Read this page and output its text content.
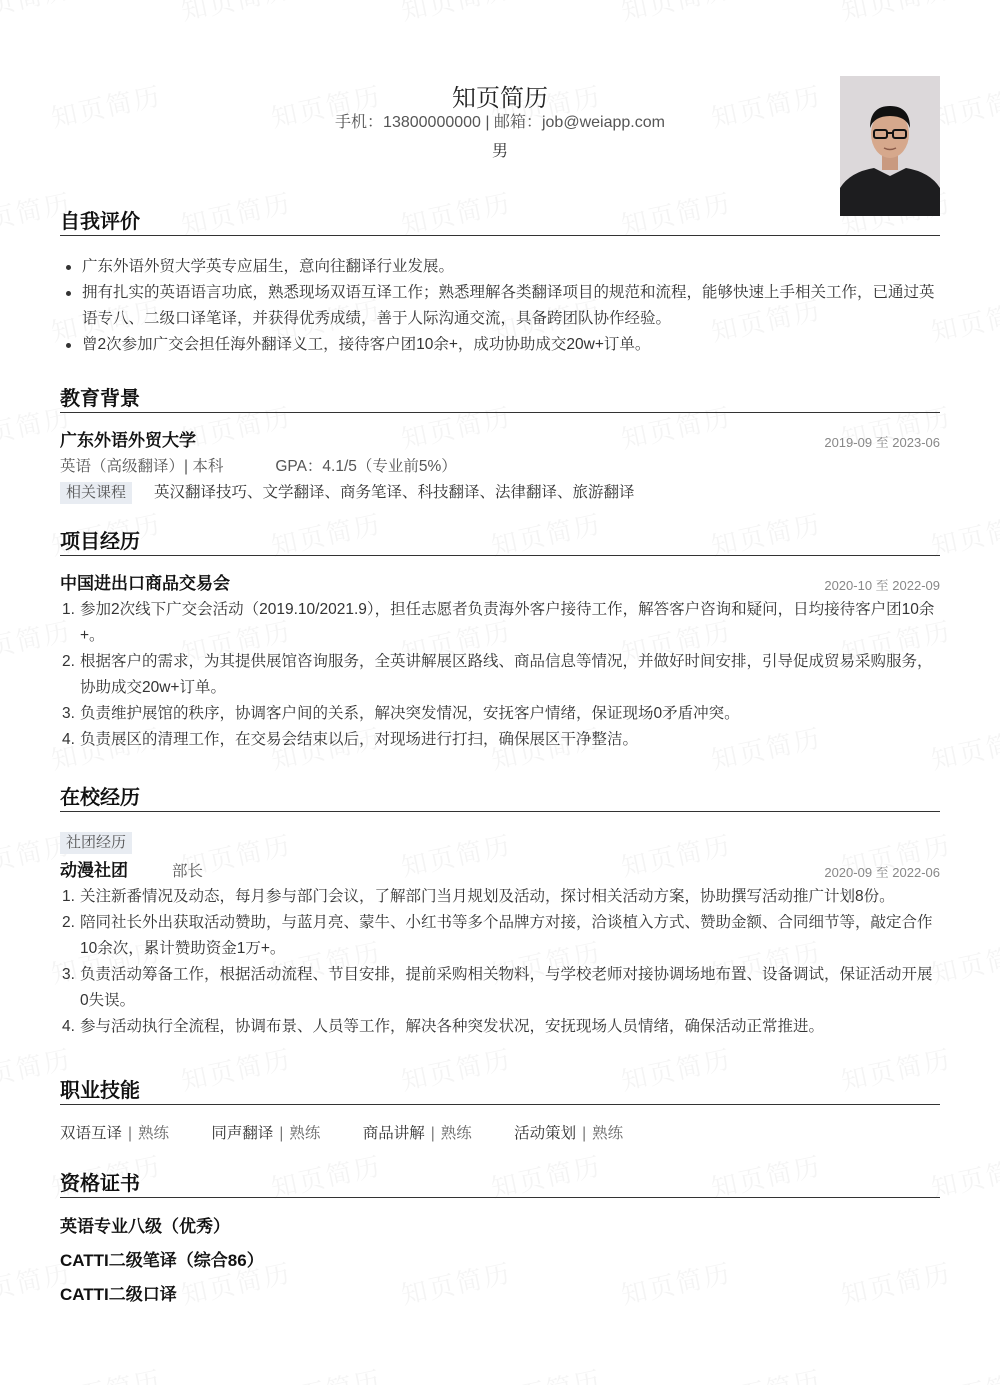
知页简历
手机：13800000000 | 邮箱：job@weiapp.com
男
自我评价
广东外语外贸大学英专应届生，意向往翻译行业发展。
拥有扎实的英语语言功底，熟悉现场双语互译工作；熟悉理解各类翻译项目的规范和流程，能够快速上手相关工作，已通过英语专八、二级口译笔译，并获得优秀成绩，善于人际沟通交流，具备跨团队协作经验。
曾2次参加广交会担任海外翻译义工，接待客户团10余+，成功协助成交20w+订单。
教育背景
广东外语外贸大学	2019-09 至 2023-06
英语（高级翻译）| 本科	GPA：4.1/5（专业前5%）
相关课程 英汉翻译技巧、文学翻译、商务笔译、科技翻译、法律翻译、旅游翻译
项目经历
中国进出口商品交易会	2020-10 至 2022-09
1. 参加2次线下广交会活动（2019.10/2021.9），担任志愿者负责海外客户接待工作，解答客户咨询和疑问，日均接待客户团10余+。
2. 根据客户的需求，为其提供展馆咨询服务，全英讲解展区路线、商品信息等情况，并做好时间安排，引导促成贸易采购服务，协助成交20w+订单。
3. 负责维护展馆的秩序，协调客户间的关系，解决突发情况，安抚客户情绪，保证现场0矛盾冲突。
4. 负责展区的清理工作，在交易会结束以后，对现场进行打扫，确保展区干净整洁。
在校经历
社团经历
动漫社团	部长	2020-09 至 2022-06
1. 关注新番情况及动态，每月参与部门会议，了解部门当月规划及活动，探讨相关活动方案，协助撰写活动推广计划8份。
2. 陪同社长外出获取活动赞助，与蓝月亮、蒙牛、小红书等多个品牌方对接，洽谈植入方式、赞助金额、合同细节等，敲定合作10余次，累计赞助资金1万+。
3. 负责活动筹备工作，根据活动流程、节目安排，提前采购相关物料，与学校老师对接协调场地布置、设备调试，保证活动开展0失误。
4. 参与活动执行全流程，协调布景、人员等工作，解决各种突发状况，安抚现场人员情绪，确保活动正常推进。
职业技能
双语互译 | 熟练	同声翻译 | 熟练	商品讲解 | 熟练	活动策划 | 熟练
资格证书
英语专业八级（优秀）
CATTI二级笔译（综合86）
CATTI二级口译
